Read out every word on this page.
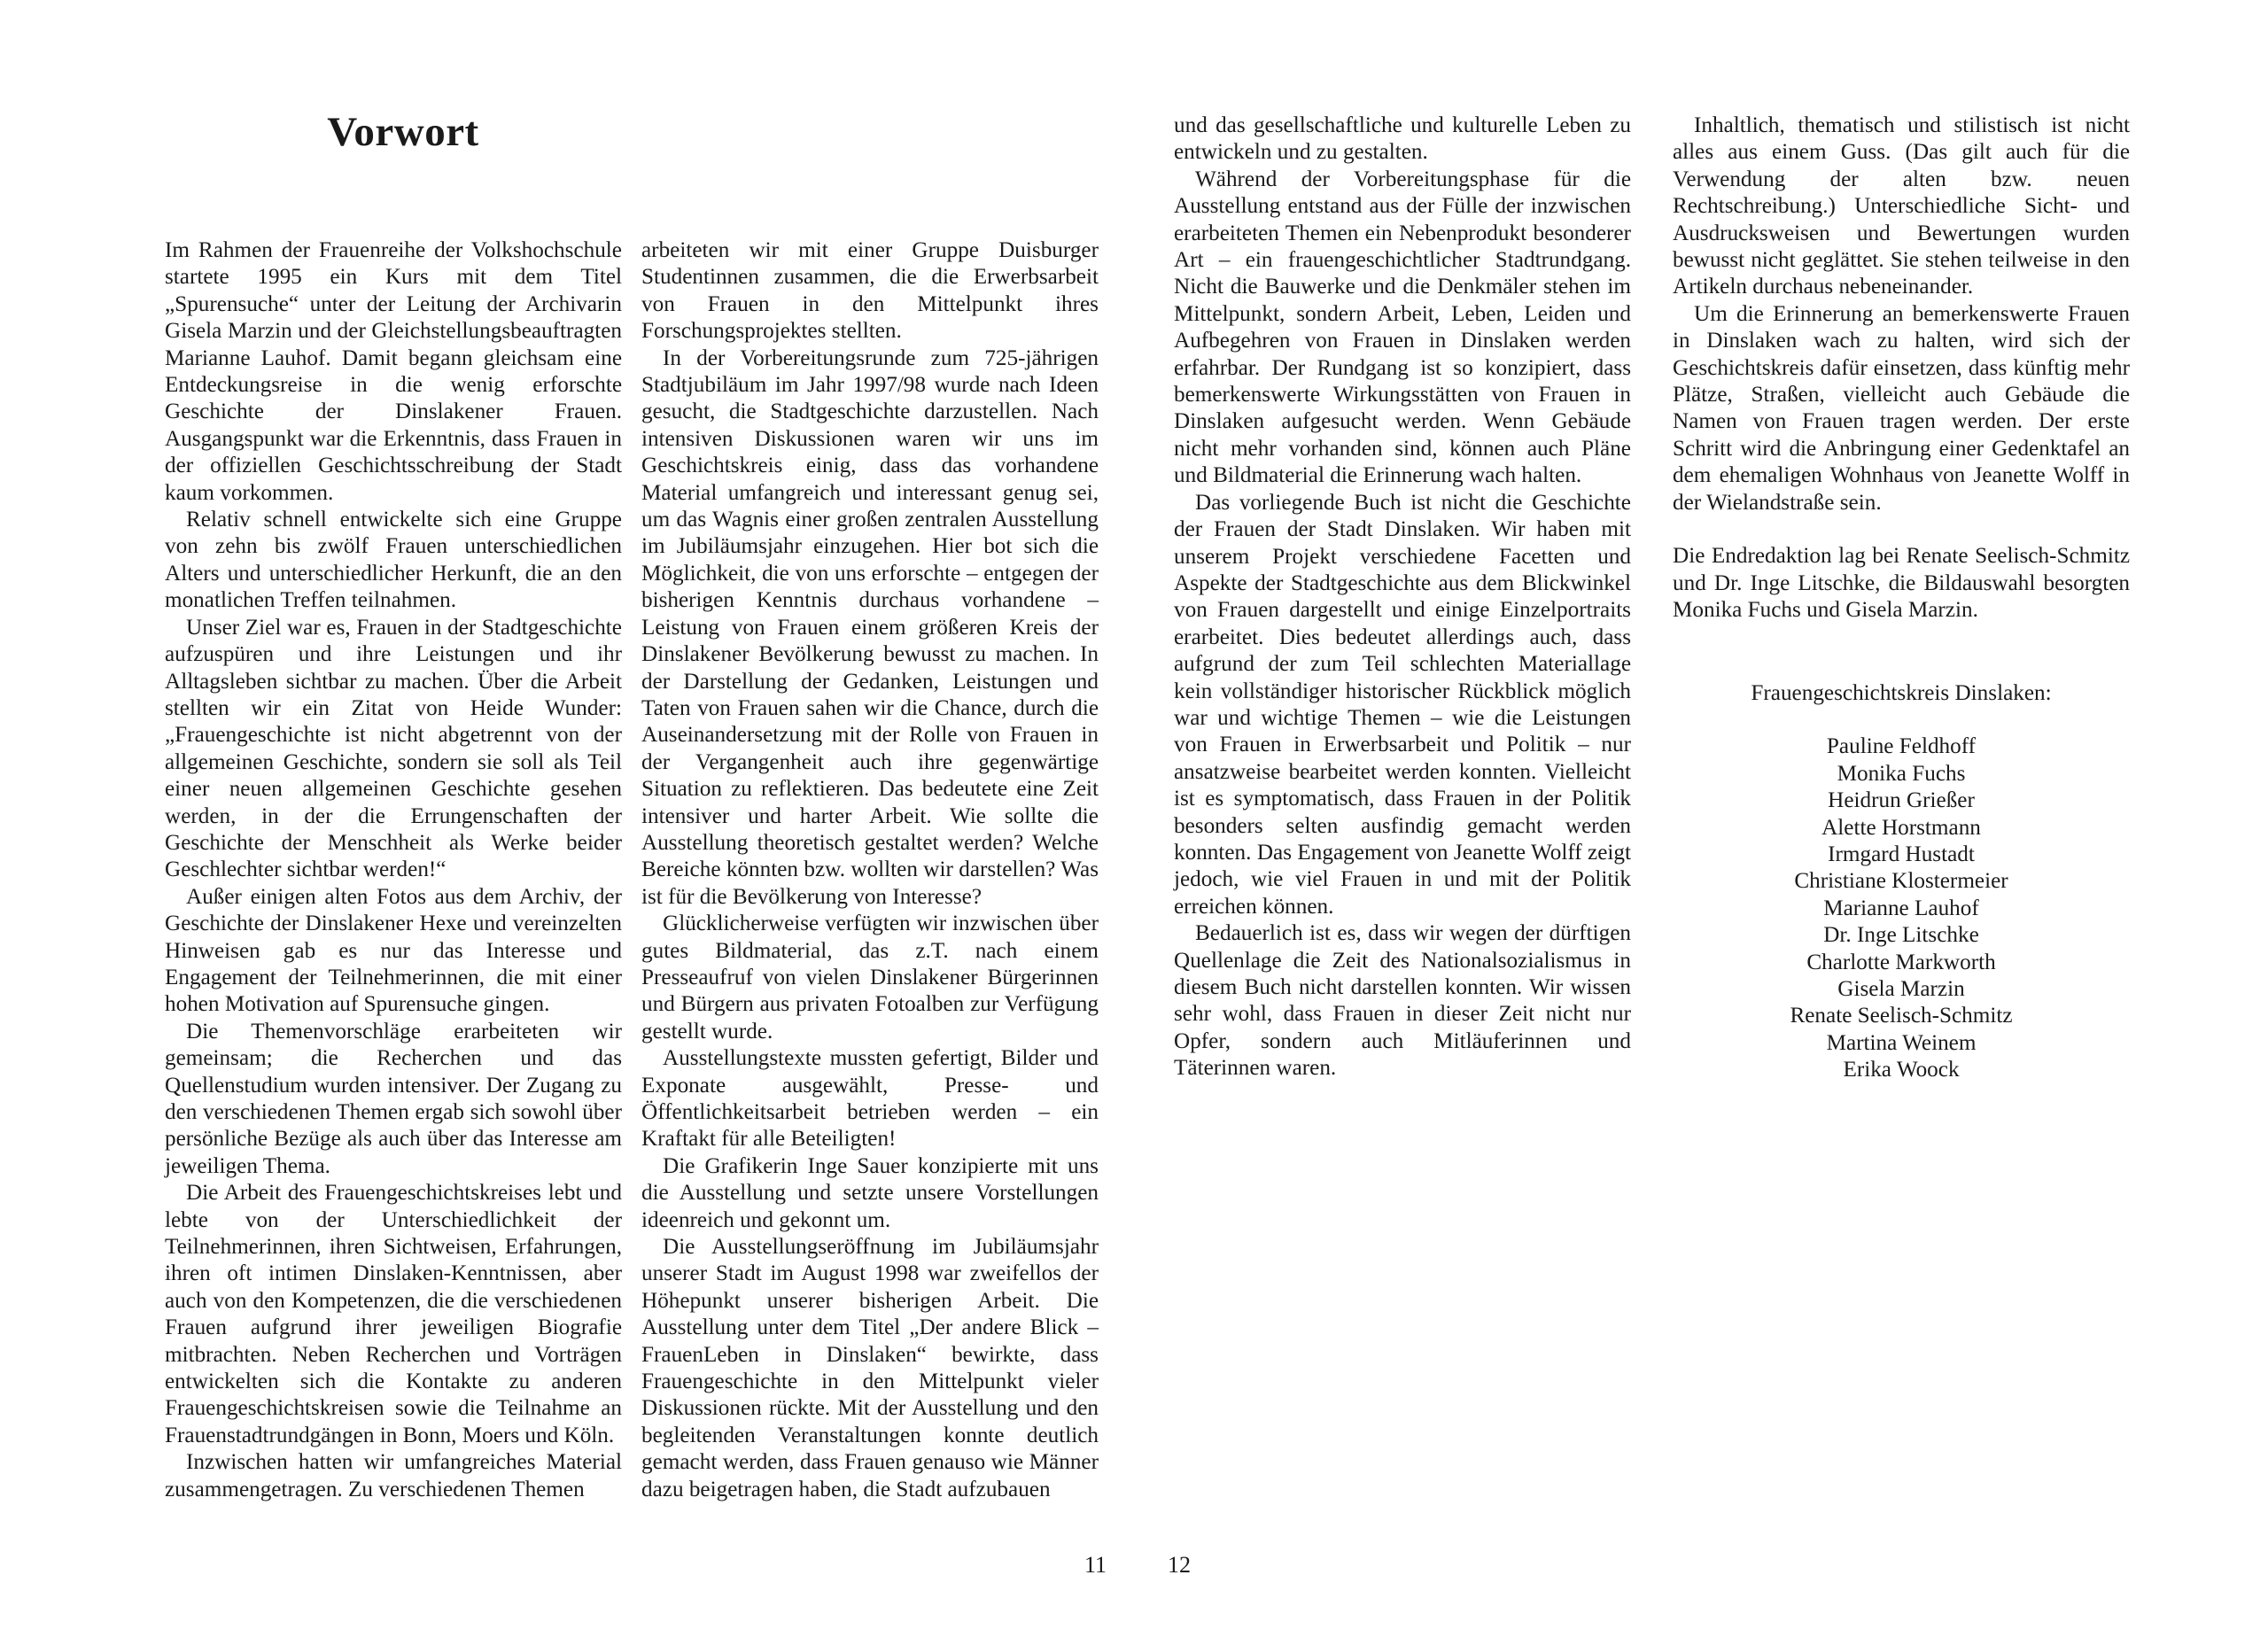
Vorwort

Im Rahmen der Frauenreihe der Volkshochschule startete 1995 ein Kurs mit dem Titel „Spurensuche“ unter der Leitung der Archivarin Gisela Marzin und der Gleichstellungsbeauftragten Marianne Lauhof. Damit begann gleichsam eine Entdeckungsreise in die wenig erforschte Geschichte der Dinslakener Frauen. Ausgangspunkt war die Erkenntnis, dass Frauen in der offiziellen Geschichtsschreibung der Stadt kaum vorkommen.

Relativ schnell entwickelte sich eine Gruppe von zehn bis zwölf Frauen unterschiedlichen Alters und unterschiedlicher Herkunft, die an den monatlichen Treffen teilnahmen.

Unser Ziel war es, Frauen in der Stadtgeschichte aufzuspüren und ihre Leistungen und ihr Alltagsleben sichtbar zu machen. Über die Arbeit stellten wir ein Zitat von Heide Wunder: „Frauengeschichte ist nicht abgetrennt von der allgemeinen Geschichte, sondern sie soll als Teil einer neuen allgemeinen Geschichte gesehen werden, in der die Errungenschaften der Geschichte der Menschheit als Werke beider Geschlechter sichtbar werden!“

Außer einigen alten Fotos aus dem Archiv, der Geschichte der Dinslakener Hexe und vereinzelten Hinweisen gab es nur das Interesse und Engagement der Teilnehmerinnen, die mit einer hohen Motivation auf Spurensuche gingen.

Die Themenvorschläge erarbeiteten wir gemeinsam; die Recherchen und das Quellenstudium wurden intensiver. Der Zugang zu den verschiedenen Themen ergab sich sowohl über persönliche Bezüge als auch über das Interesse am jeweiligen Thema.

Die Arbeit des Frauengeschichtskreises lebt und lebte von der Unterschiedlichkeit der Teilnehmerinnen, ihren Sichtweisen, Erfahrungen, ihren oft intimen Dinslaken-Kenntnissen, aber auch von den Kompetenzen, die die verschiedenen Frauen aufgrund ihrer jeweiligen Biografie mitbrachten. Neben Recherchen und Vorträgen entwickelten sich die Kontakte zu anderen Frauengeschichtskreisen sowie die Teilnahme an Frauenstadtrundgängen in Bonn, Moers und Köln.

Inzwischen hatten wir umfangreiches Material zusammengetragen. Zu verschiedenen Themen

arbeiteten wir mit einer Gruppe Duisburger Studentinnen zusammen, die die Erwerbsarbeit von Frauen in den Mittelpunkt ihres Forschungsprojektes stellten.

In der Vorbereitungsrunde zum 725-jährigen Stadtjubiläum im Jahr 1997/98 wurde nach Ideen gesucht, die Stadtgeschichte darzustellen. Nach intensiven Diskussionen waren wir uns im Geschichtskreis einig, dass das vorhandene Material umfangreich und interessant genug sei, um das Wagnis einer großen zentralen Ausstellung im Jubiläumsjahr einzugehen. Hier bot sich die Möglichkeit, die von uns erforschte – entgegen der bisherigen Kenntnis durchaus vorhandene – Leistung von Frauen einem größeren Kreis der Dinslakener Bevölkerung bewusst zu machen. In der Darstellung der Gedanken, Leistungen und Taten von Frauen sahen wir die Chance, durch die Auseinandersetzung mit der Rolle von Frauen in der Vergangenheit auch ihre gegenwärtige Situation zu reflektieren. Das bedeutete eine Zeit intensiver und harter Arbeit. Wie sollte die Ausstellung theoretisch gestaltet werden? Welche Bereiche könnten bzw. wollten wir darstellen? Was ist für die Bevölkerung von Interesse?

Glücklicherweise verfügten wir inzwischen über gutes Bildmaterial, das z.T. nach einem Presseaufruf von vielen Dinslakener Bürgerinnen und Bürgern aus privaten Fotoalben zur Verfügung gestellt wurde.

Ausstellungstexte mussten gefertigt, Bilder und Exponate ausgewählt, Presse- und Öffentlichkeitsarbeit betrieben werden – ein Kraftakt für alle Beteiligten!

Die Grafikerin Inge Sauer konzipierte mit uns die Ausstellung und setzte unsere Vorstellungen ideenreich und gekonnt um.

Die Ausstellungseröffnung im Jubiläumsjahr unserer Stadt im August 1998 war zweifellos der Höhepunkt unserer bisherigen Arbeit. Die Ausstellung unter dem Titel „Der andere Blick – FrauenLeben in Dinslaken“ bewirkte, dass Frauengeschichte in den Mittelpunkt vieler Diskussionen rückte. Mit der Ausstellung und den begleitenden Veranstaltungen konnte deutlich gemacht werden, dass Frauen genauso wie Männer dazu beigetragen haben, die Stadt aufzubauen

und das gesellschaftliche und kulturelle Leben zu entwickeln und zu gestalten.

Während der Vorbereitungsphase für die Ausstellung entstand aus der Fülle der inzwischen erarbeiteten Themen ein Nebenprodukt besonderer Art – ein frauengeschichtlicher Stadtrundgang. Nicht die Bauwerke und die Denkmäler stehen im Mittelpunkt, sondern Arbeit, Leben, Leiden und Aufbegehren von Frauen in Dinslaken werden erfahrbar. Der Rundgang ist so konzipiert, dass bemerkenswerte Wirkungsstätten von Frauen in Dinslaken aufgesucht werden. Wenn Gebäude nicht mehr vorhanden sind, können auch Pläne und Bildmaterial die Erinnerung wach halten.

Das vorliegende Buch ist nicht die Geschichte der Frauen der Stadt Dinslaken. Wir haben mit unserem Projekt verschiedene Facetten und Aspekte der Stadtgeschichte aus dem Blickwinkel von Frauen dargestellt und einige Einzelportraits erarbeitet. Dies bedeutet allerdings auch, dass aufgrund der zum Teil schlechten Materiallage kein vollständiger historischer Rückblick möglich war und wichtige Themen – wie die Leistungen von Frauen in Erwerbsarbeit und Politik – nur ansatzweise bearbeitet werden konnten. Vielleicht ist es symptomatisch, dass Frauen in der Politik besonders selten ausfindig gemacht werden konnten. Das Engagement von Jeanette Wolff zeigt jedoch, wie viel Frauen in und mit der Politik erreichen können.

Bedauerlich ist es, dass wir wegen der dürftigen Quellenlage die Zeit des Nationalsozialismus in diesem Buch nicht darstellen konnten. Wir wissen sehr wohl, dass Frauen in dieser Zeit nicht nur Opfer, sondern auch Mitläuferinnen und Täterinnen waren.

Inhaltlich, thematisch und stilistisch ist nicht alles aus einem Guss. (Das gilt auch für die Verwendung der alten bzw. neuen Rechtschreibung.) Unterschiedliche Sicht- und Ausdrucksweisen und Bewertungen wurden bewusst nicht geglättet. Sie stehen teilweise in den Artikeln durchaus nebeneinander.

Um die Erinnerung an bemerkenswerte Frauen in Dinslaken wach zu halten, wird sich der Geschichtskreis dafür einsetzen, dass künftig mehr Plätze, Straßen, vielleicht auch Gebäude die Namen von Frauen tragen werden. Der erste Schritt wird die Anbringung einer Gedenktafel an dem ehemaligen Wohnhaus von Jeanette Wolff in der Wielandstraße sein.

Die Endredaktion lag bei Renate Seelisch-Schmitz und Dr. Inge Litschke, die Bildauswahl besorgten Monika Fuchs und Gisela Marzin.

Frauengeschichtskreis Dinslaken:

Pauline Feldhoff
Monika Fuchs
Heidrun Grießer
Alette Horstmann
Irmgard Hustadt
Christiane Klostermeier
Marianne Lauhof
Dr. Inge Litschke
Charlotte Markworth
Gisela Marzin
Renate Seelisch-Schmitz
Martina Weinem
Erika Woock
11	12
